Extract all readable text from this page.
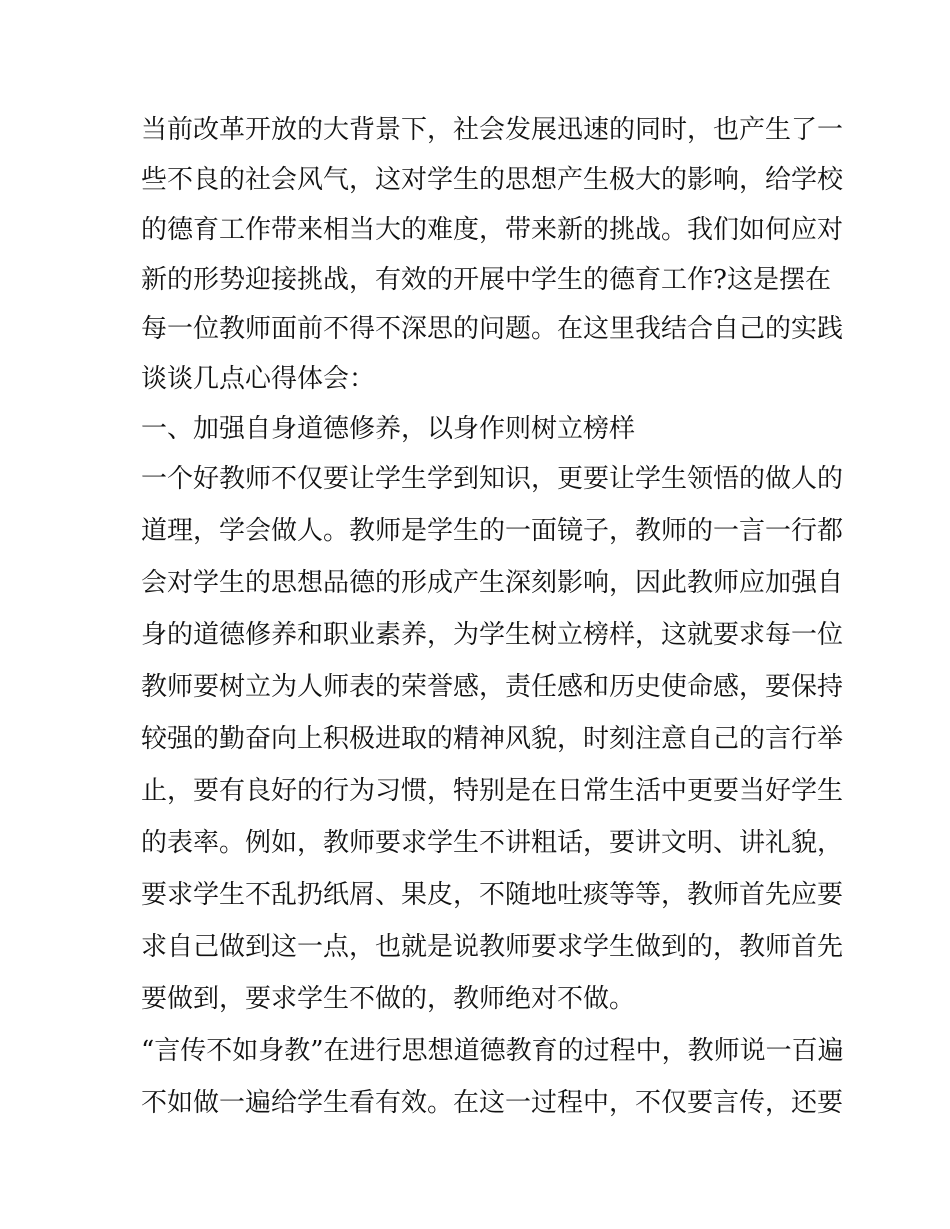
当前改革开放的大背景下，社会发展迅速的同时，也产生了一
些不良的社会风气，这对学生的思想产生极大的影响，给学校
的德育工作带来相当大的难度，带来新的挑战。我们如何应对
新的形势迎接挑战，有效的开展中学生的德育工作?这是摆在
每一位教师面前不得不深思的问题。在这里我结合自己的实践
谈谈几点心得体会：
一、加强自身道德修养，以身作则树立榜样
一个好教师不仅要让学生学到知识，更要让学生领悟的做人的
道理，学会做人。教师是学生的一面镜子，教师的一言一行都
会对学生的思想品德的形成产生深刻影响，因此教师应加强自
身的道德修养和职业素养，为学生树立榜样，这就要求每一位
教师要树立为人师表的荣誉感，责任感和历史使命感，要保持
较强的勤奋向上积极进取的精神风貌，时刻注意自己的言行举
止，要有良好的行为习惯，特别是在日常生活中更要当好学生
的表率。例如，教师要求学生不讲粗话，要讲文明、讲礼貌，
要求学生不乱扔纸屑、果皮，不随地吐痰等等，教师首先应要
求自己做到这一点，也就是说教师要求学生做到的，教师首先
要做到，要求学生不做的，教师绝对不做。
“言传不如身教”在进行思想道德教育的过程中，教师说一百遍
不如做一遍给学生看有效。在这一过程中，不仅要言传，还要
